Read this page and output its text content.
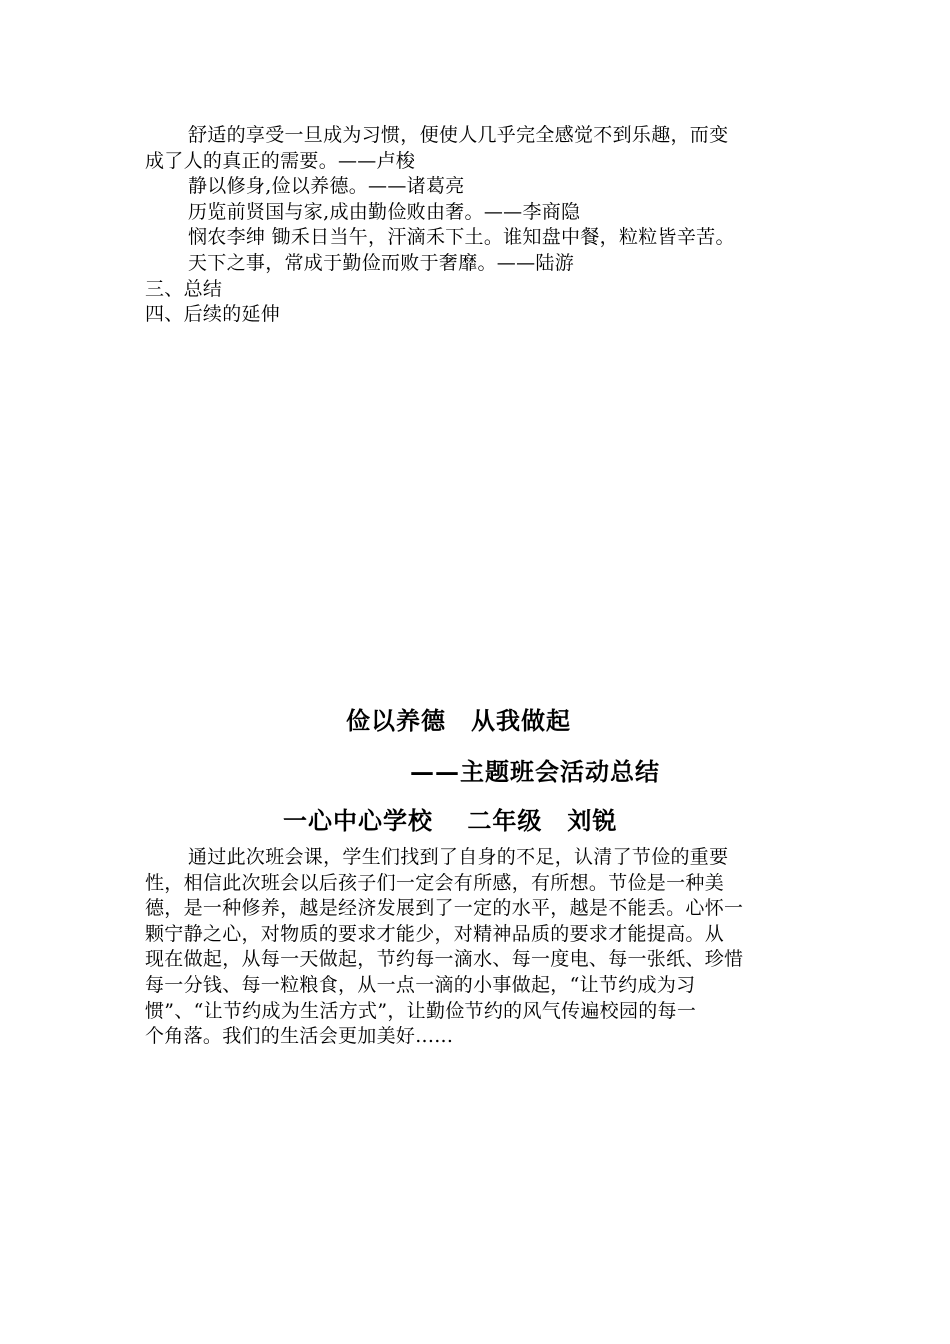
舒适的享受一旦成为习惯，便使人几乎完全感觉不到乐趣，而变
成了人的真正的需要。——卢梭
静以修身,俭以养德。——诸葛亮
历览前贤国与家,成由勤俭败由奢。——李商隐
悯农李绅 锄禾日当午，汗滴禾下土。谁知盘中餐，粒粒皆辛苦。
天下之事，常成于勤俭而败于奢靡。——陆游
三、总结
四、后续的延伸
俭以养德　从我做起
——主题班会活动总结
一心中心学校　 二年级　刘锐
通过此次班会课，学生们找到了自身的不足，认清了节俭的重要
性，相信此次班会以后孩子们一定会有所感，有所想。节俭是一种美
德，是一种修养，越是经济发展到了一定的水平，越是不能丢。心怀一
颗宁静之心，对物质的要求才能少，对精神品质的要求才能提高。从
现在做起，从每一天做起，节约每一滴水、每一度电、每一张纸、珍惜
每一分钱、每一粒粮食，从一点一滴的小事做起，“让节约成为习
惯”、“让节约成为生活方式”，让勤俭节约的风气传遍校园的每一
个角落。我们的生活会更加美好......
